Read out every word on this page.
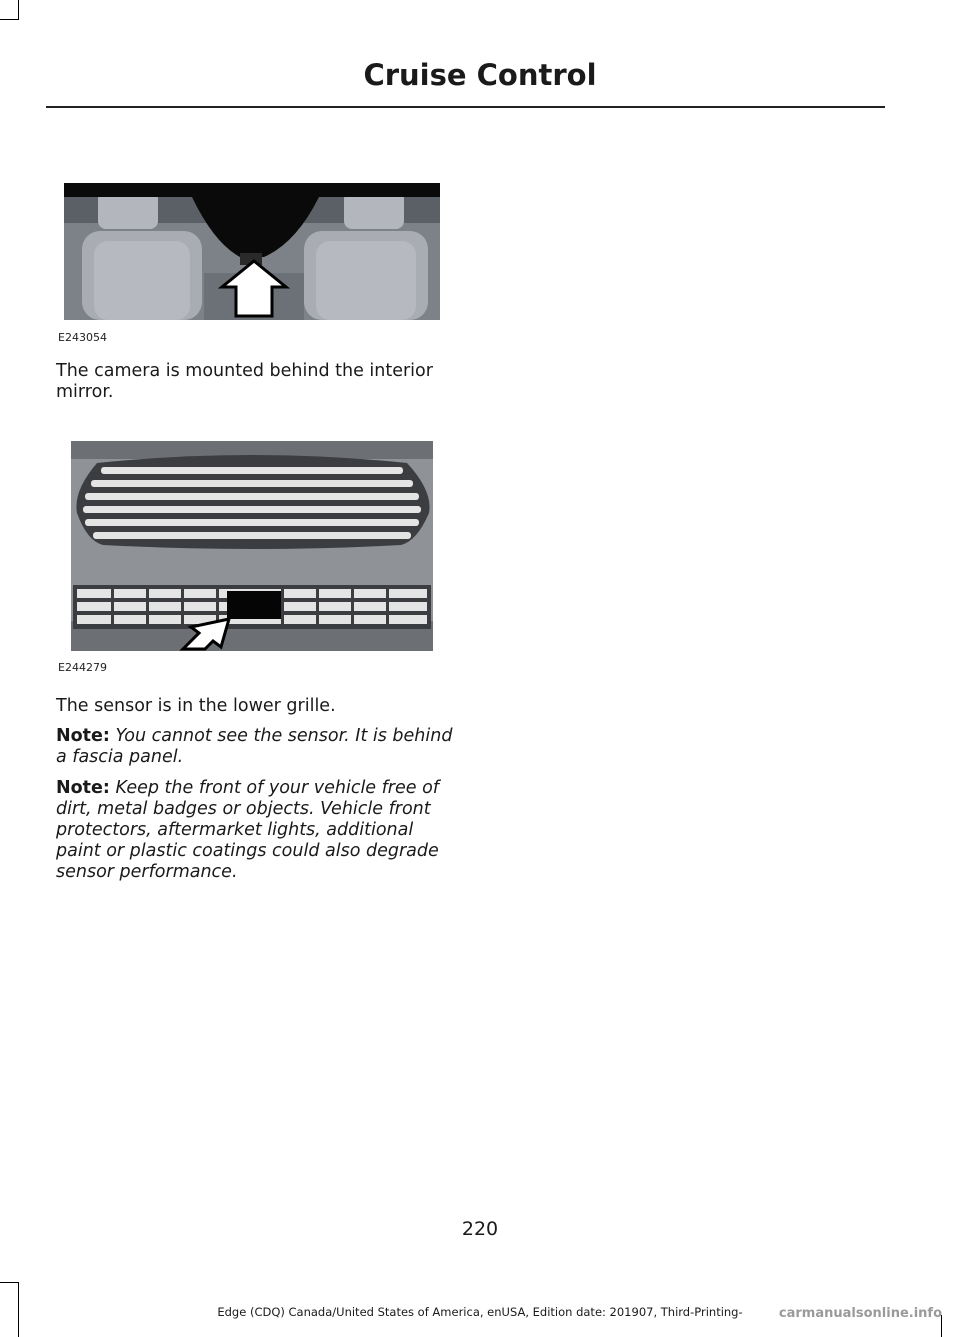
Cruise Control
E243054

The camera is mounted behind the interior mirror.

E244279

The sensor is in the lower grille.

Note: You cannot see the sensor. It is behind a fascia panel.

Note: Keep the front of your vehicle free of dirt, metal badges or objects. Vehicle front protectors, aftermarket lights, additional paint or plastic coatings could also degrade sensor performance.

220
Edge (CDQ) Canada/United States of America, enUSA, Edition date: 201907, Third-Printing-	carmanualsonline.info
